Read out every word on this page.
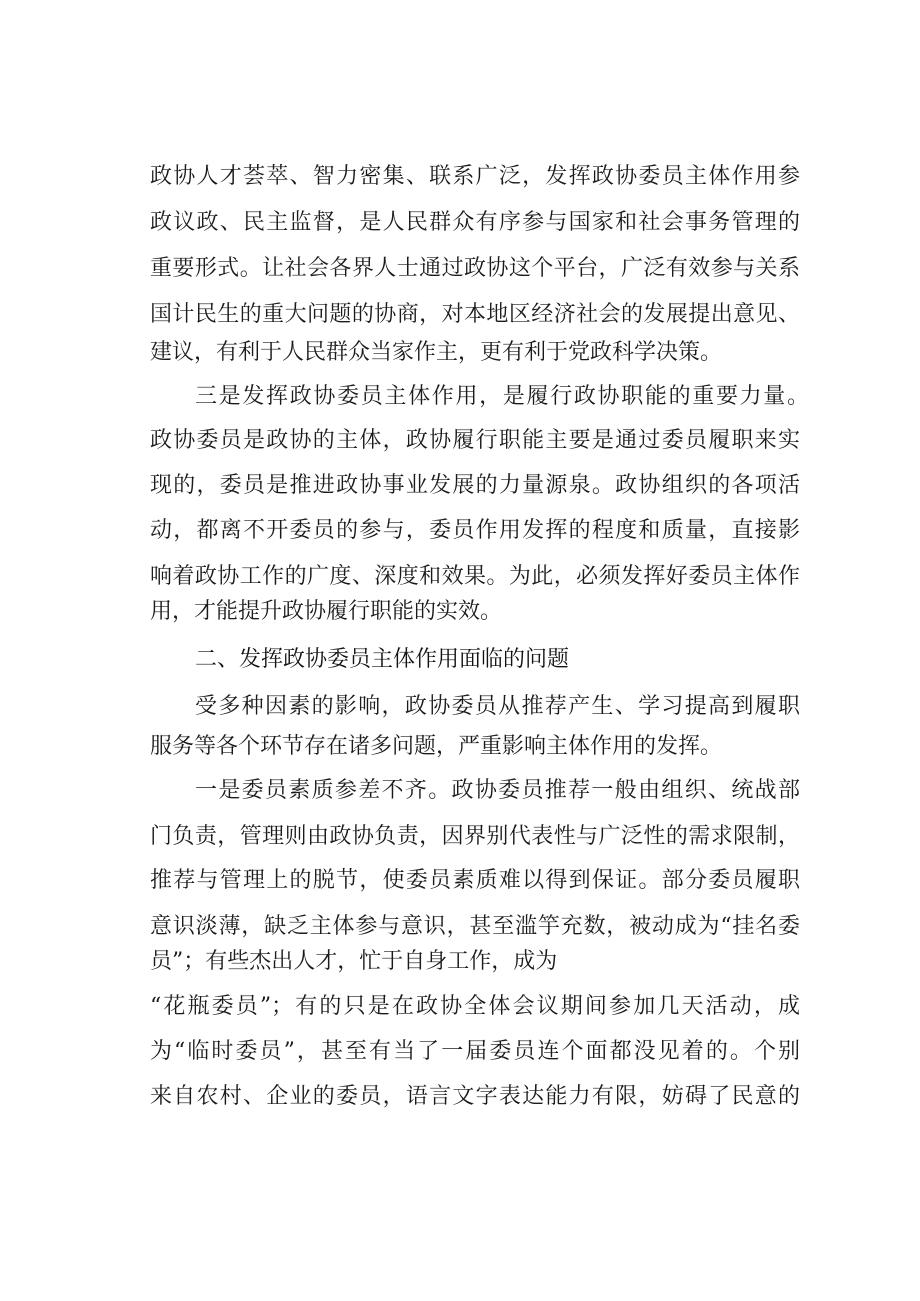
政协人才荟萃、智力密集、联系广泛，发挥政协委员主体作用参

政议政、民主监督，是人民群众有序参与国家和社会事务管理的

重要形式。让社会各界人士通过政协这个平台，广泛有效参与关系

国计民生的重大问题的协商，对本地区经济社会的发展提出意见、

建议，有利于人民群众当家作主，更有利于党政科学决策。

三是发挥政协委员主体作用，是履行政协职能的重要力量。

政协委员是政协的主体，政协履行职能主要是通过委员履职来实

现的，委员是推进政协事业发展的力量源泉。政协组织的各项活

动，都离不开委员的参与，委员作用发挥的程度和质量，直接影

响着政协工作的广度、深度和效果。为此，必须发挥好委员主体作

用，才能提升政协履行职能的实效。

二、发挥政协委员主体作用面临的问题

受多种因素的影响，政协委员从推荐产生、学习提高到履职

服务等各个环节存在诸多问题，严重影响主体作用的发挥。

一是委员素质参差不齐。政协委员推荐一般由组织、统战部

门负责，管理则由政协负责，因界别代表性与广泛性的需求限制，

推荐与管理上的脱节，使委员素质难以得到保证。部分委员履职

意识淡薄，缺乏主体参与意识，甚至滥竽充数，被动成为“挂名委

员”；有些杰出人才，忙于自身工作，成为

“花瓶委员”；有的只是在政协全体会议期间参加几天活动，成

为“临时委员”，甚至有当了一届委员连个面都没见着的。个别

来自农村、企业的委员，语言文字表达能力有限，妨碍了民意的
